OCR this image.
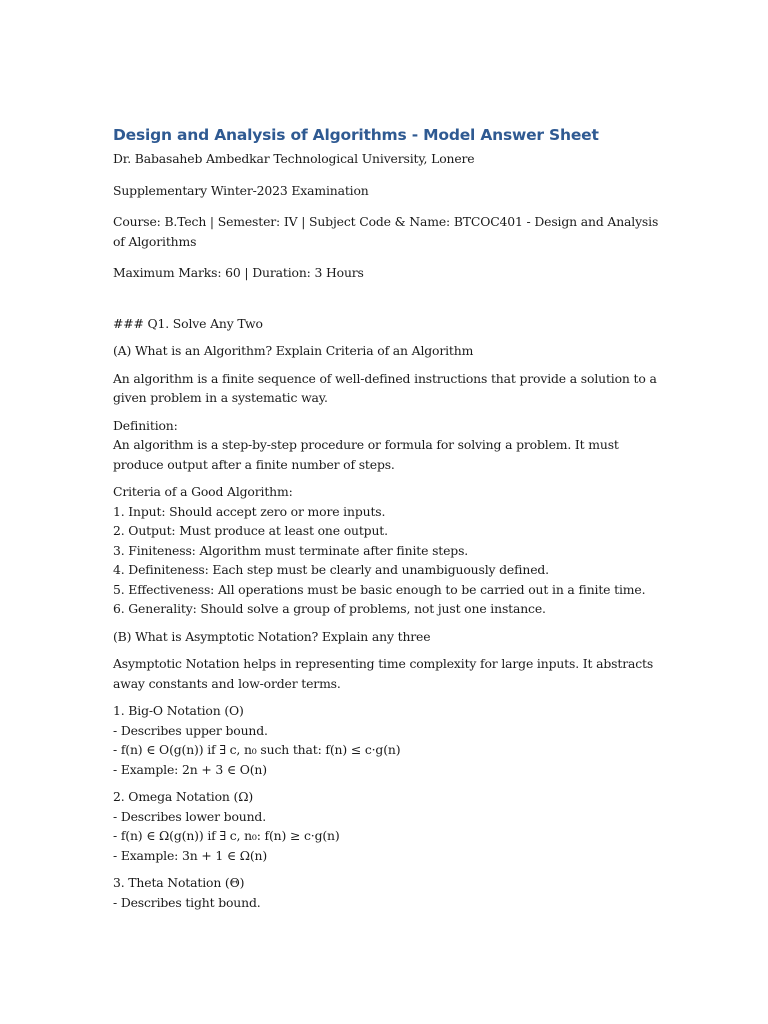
Design and Analysis of Algorithms - Model Answer Sheet
Dr. Babasaheb Ambedkar Technological University, Lonere
Supplementary Winter-2023 Examination
Course: B.Tech | Semester: IV | Subject Code & Name: BTCOC401 - Design and Analysis of Algorithms
Maximum Marks: 60 | Duration: 3 Hours
### Q1. Solve Any Two
(A) What is an Algorithm? Explain Criteria of an Algorithm
An algorithm is a finite sequence of well-defined instructions that provide a solution to a given problem in a systematic way.
Definition:
An algorithm is a step-by-step procedure or formula for solving a problem. It must produce output after a finite number of steps.
Criteria of a Good Algorithm:
1. Input: Should accept zero or more inputs.
2. Output: Must produce at least one output.
3. Finiteness: Algorithm must terminate after finite steps.
4. Definiteness: Each step must be clearly and unambiguously defined.
5. Effectiveness: All operations must be basic enough to be carried out in a finite time.
6. Generality: Should solve a group of problems, not just one instance.
(B) What is Asymptotic Notation? Explain any three
Asymptotic Notation helps in representing time complexity for large inputs. It abstracts away constants and low-order terms.
1. Big-O Notation (O)
- Describes upper bound.
- f(n) ∈ O(g(n)) if ∃ c, n₀ such that: f(n) ≤ c·g(n)
- Example: 2n + 3 ∈ O(n)
2. Omega Notation (Ω)
- Describes lower bound.
- f(n) ∈ Ω(g(n)) if ∃ c, n₀: f(n) ≥ c·g(n)
- Example: 3n + 1 ∈ Ω(n)
3. Theta Notation (Θ)
- Describes tight bound.
